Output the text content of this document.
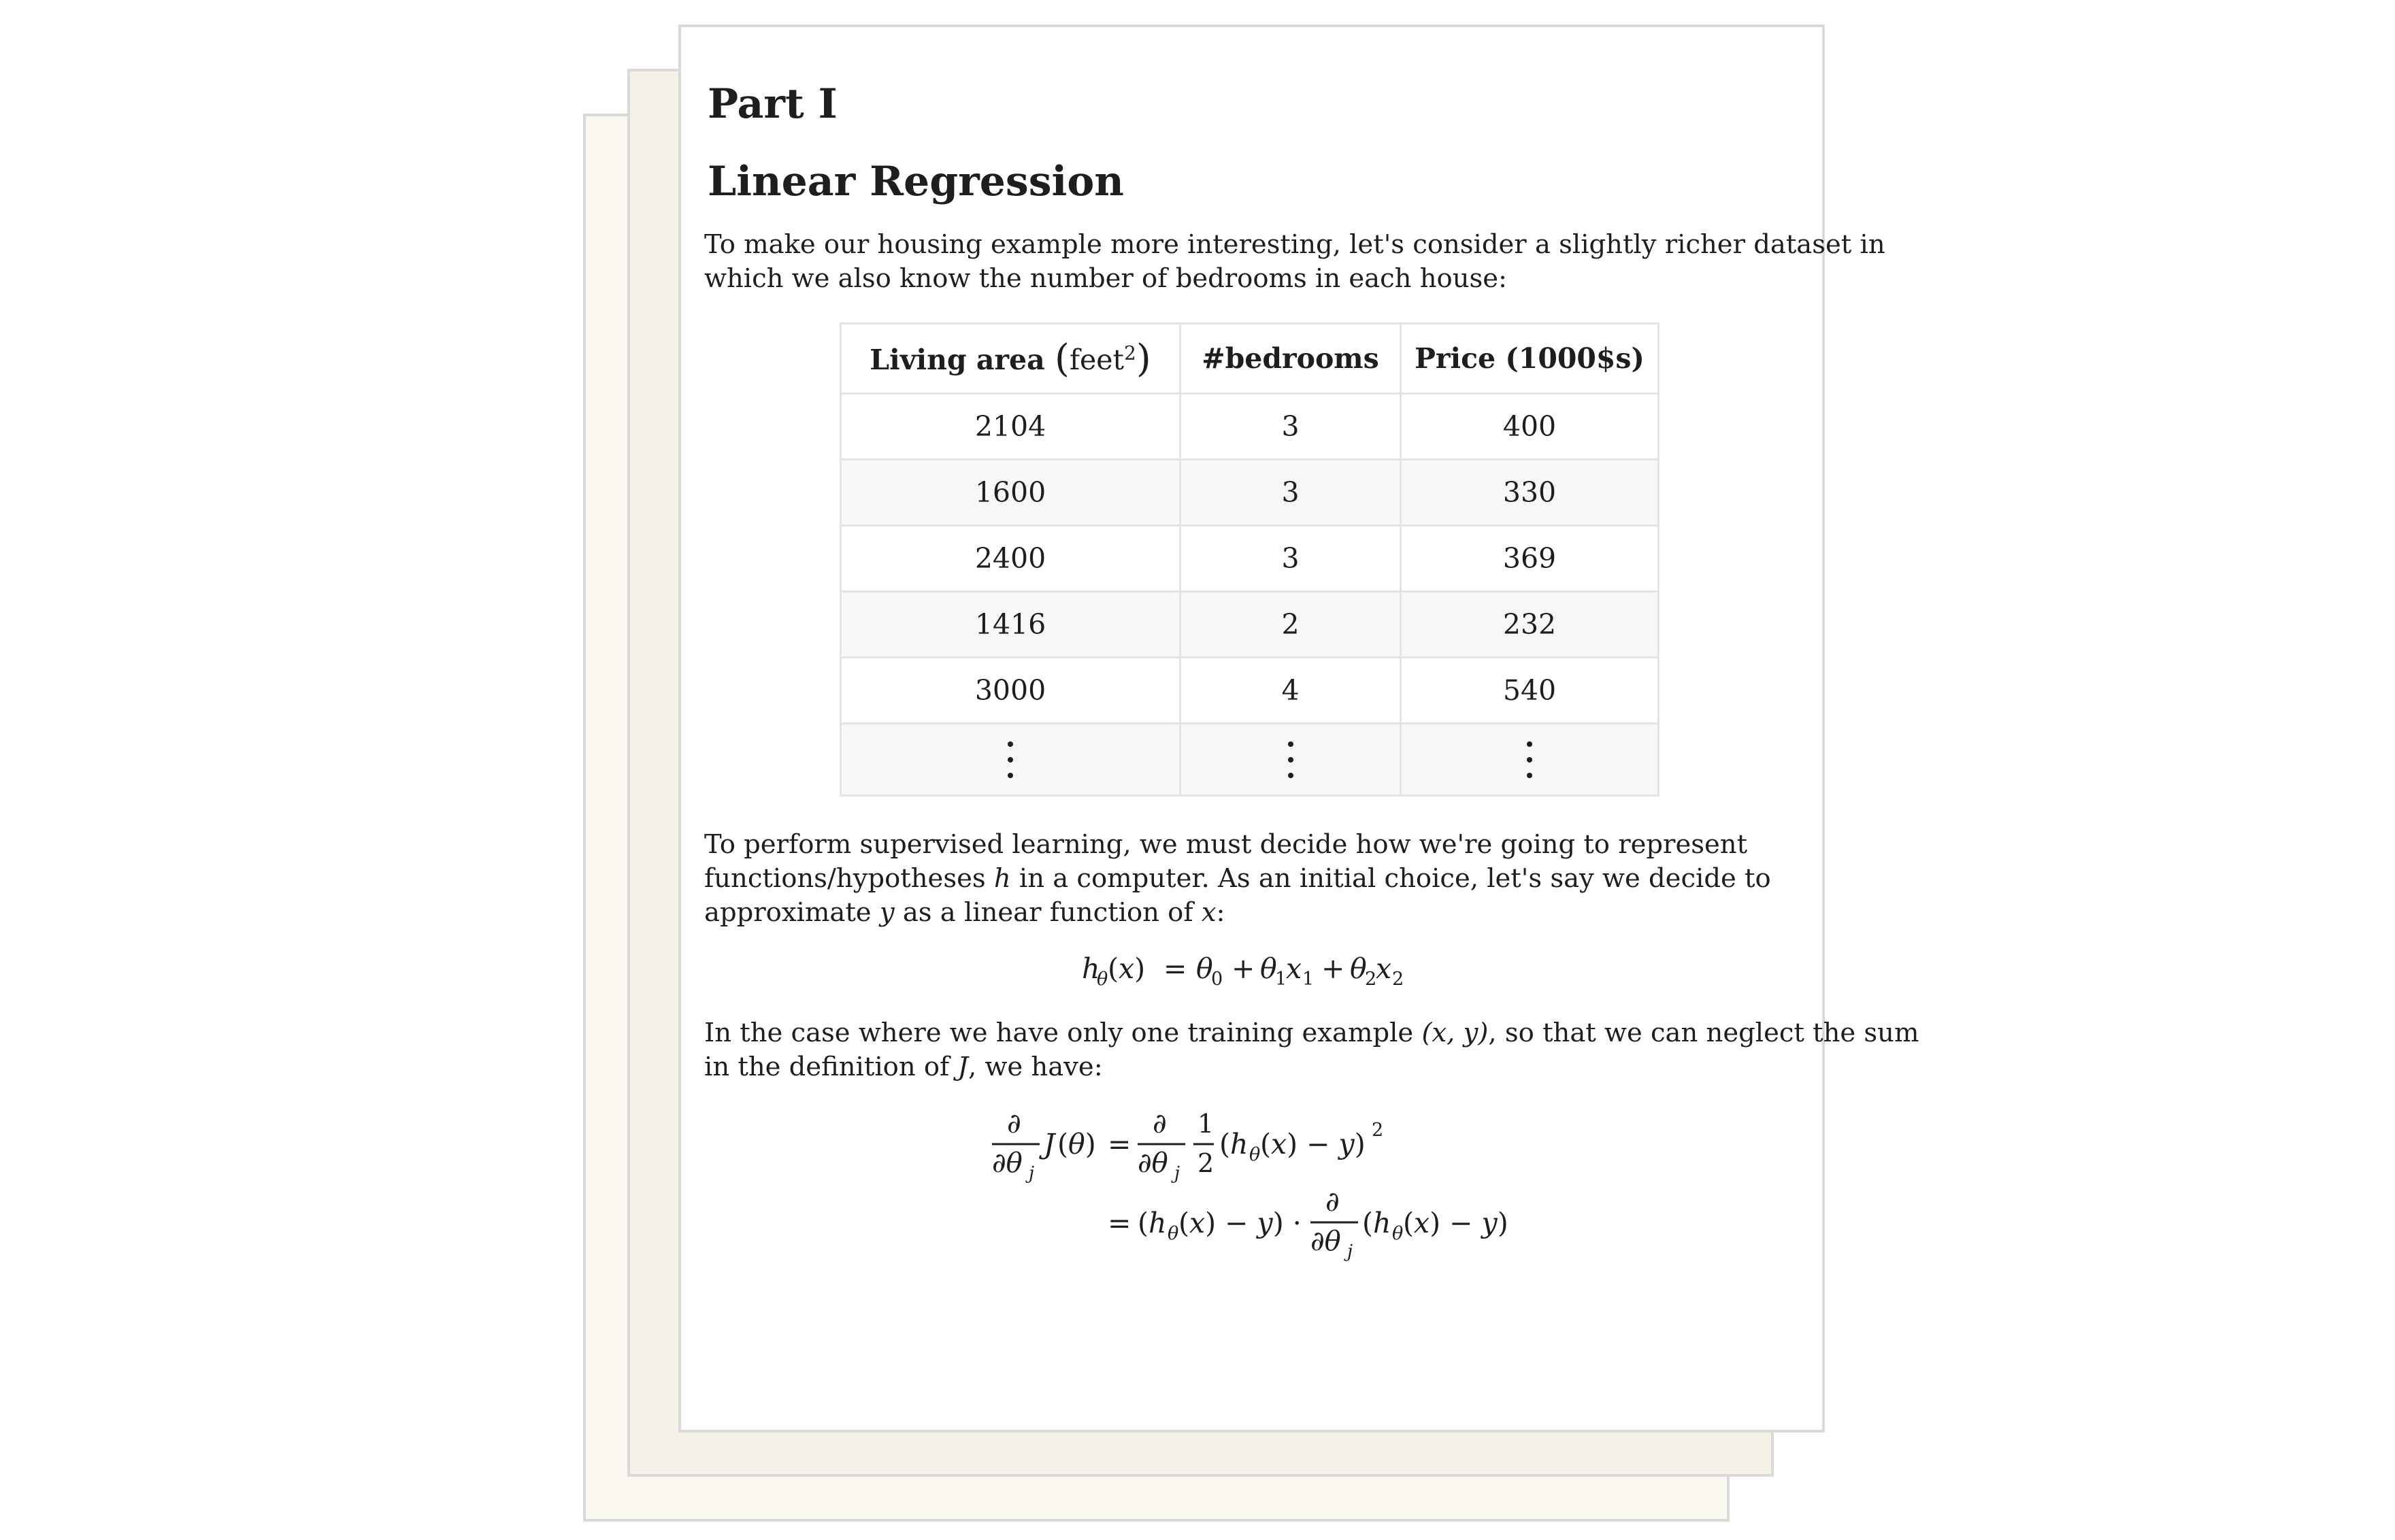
Part I
Linear Regression

To make our housing example more interesting, let's consider a slightly richer dataset in
which we also know the number of bedrooms in each house:

To perform supervised learning, we must decide how we're going to represent
functions/hypotheses h in a computer. As an initial choice, let's say we decide to
approximate y as a linear function of x:

In the case where we have only one training example (x, y), so that we can neglect the sum
in the definition of J, we have:

Living area (feet$^2$)	#bedrooms	Price (1000$s)
2104	3	400
1600	3	330
2400	3	369
1416	2	232
3000	4	540

h
θ (x) = θ
0 + θ
1
x 1 + θ
2
x 2
∂
∂θ j
J (θ) =
∂
∂θ j
1
2
(h θ (x) − y) 2
= (h θ (x) − y) ·
∂
∂θ j
(h θ (x) − y)
